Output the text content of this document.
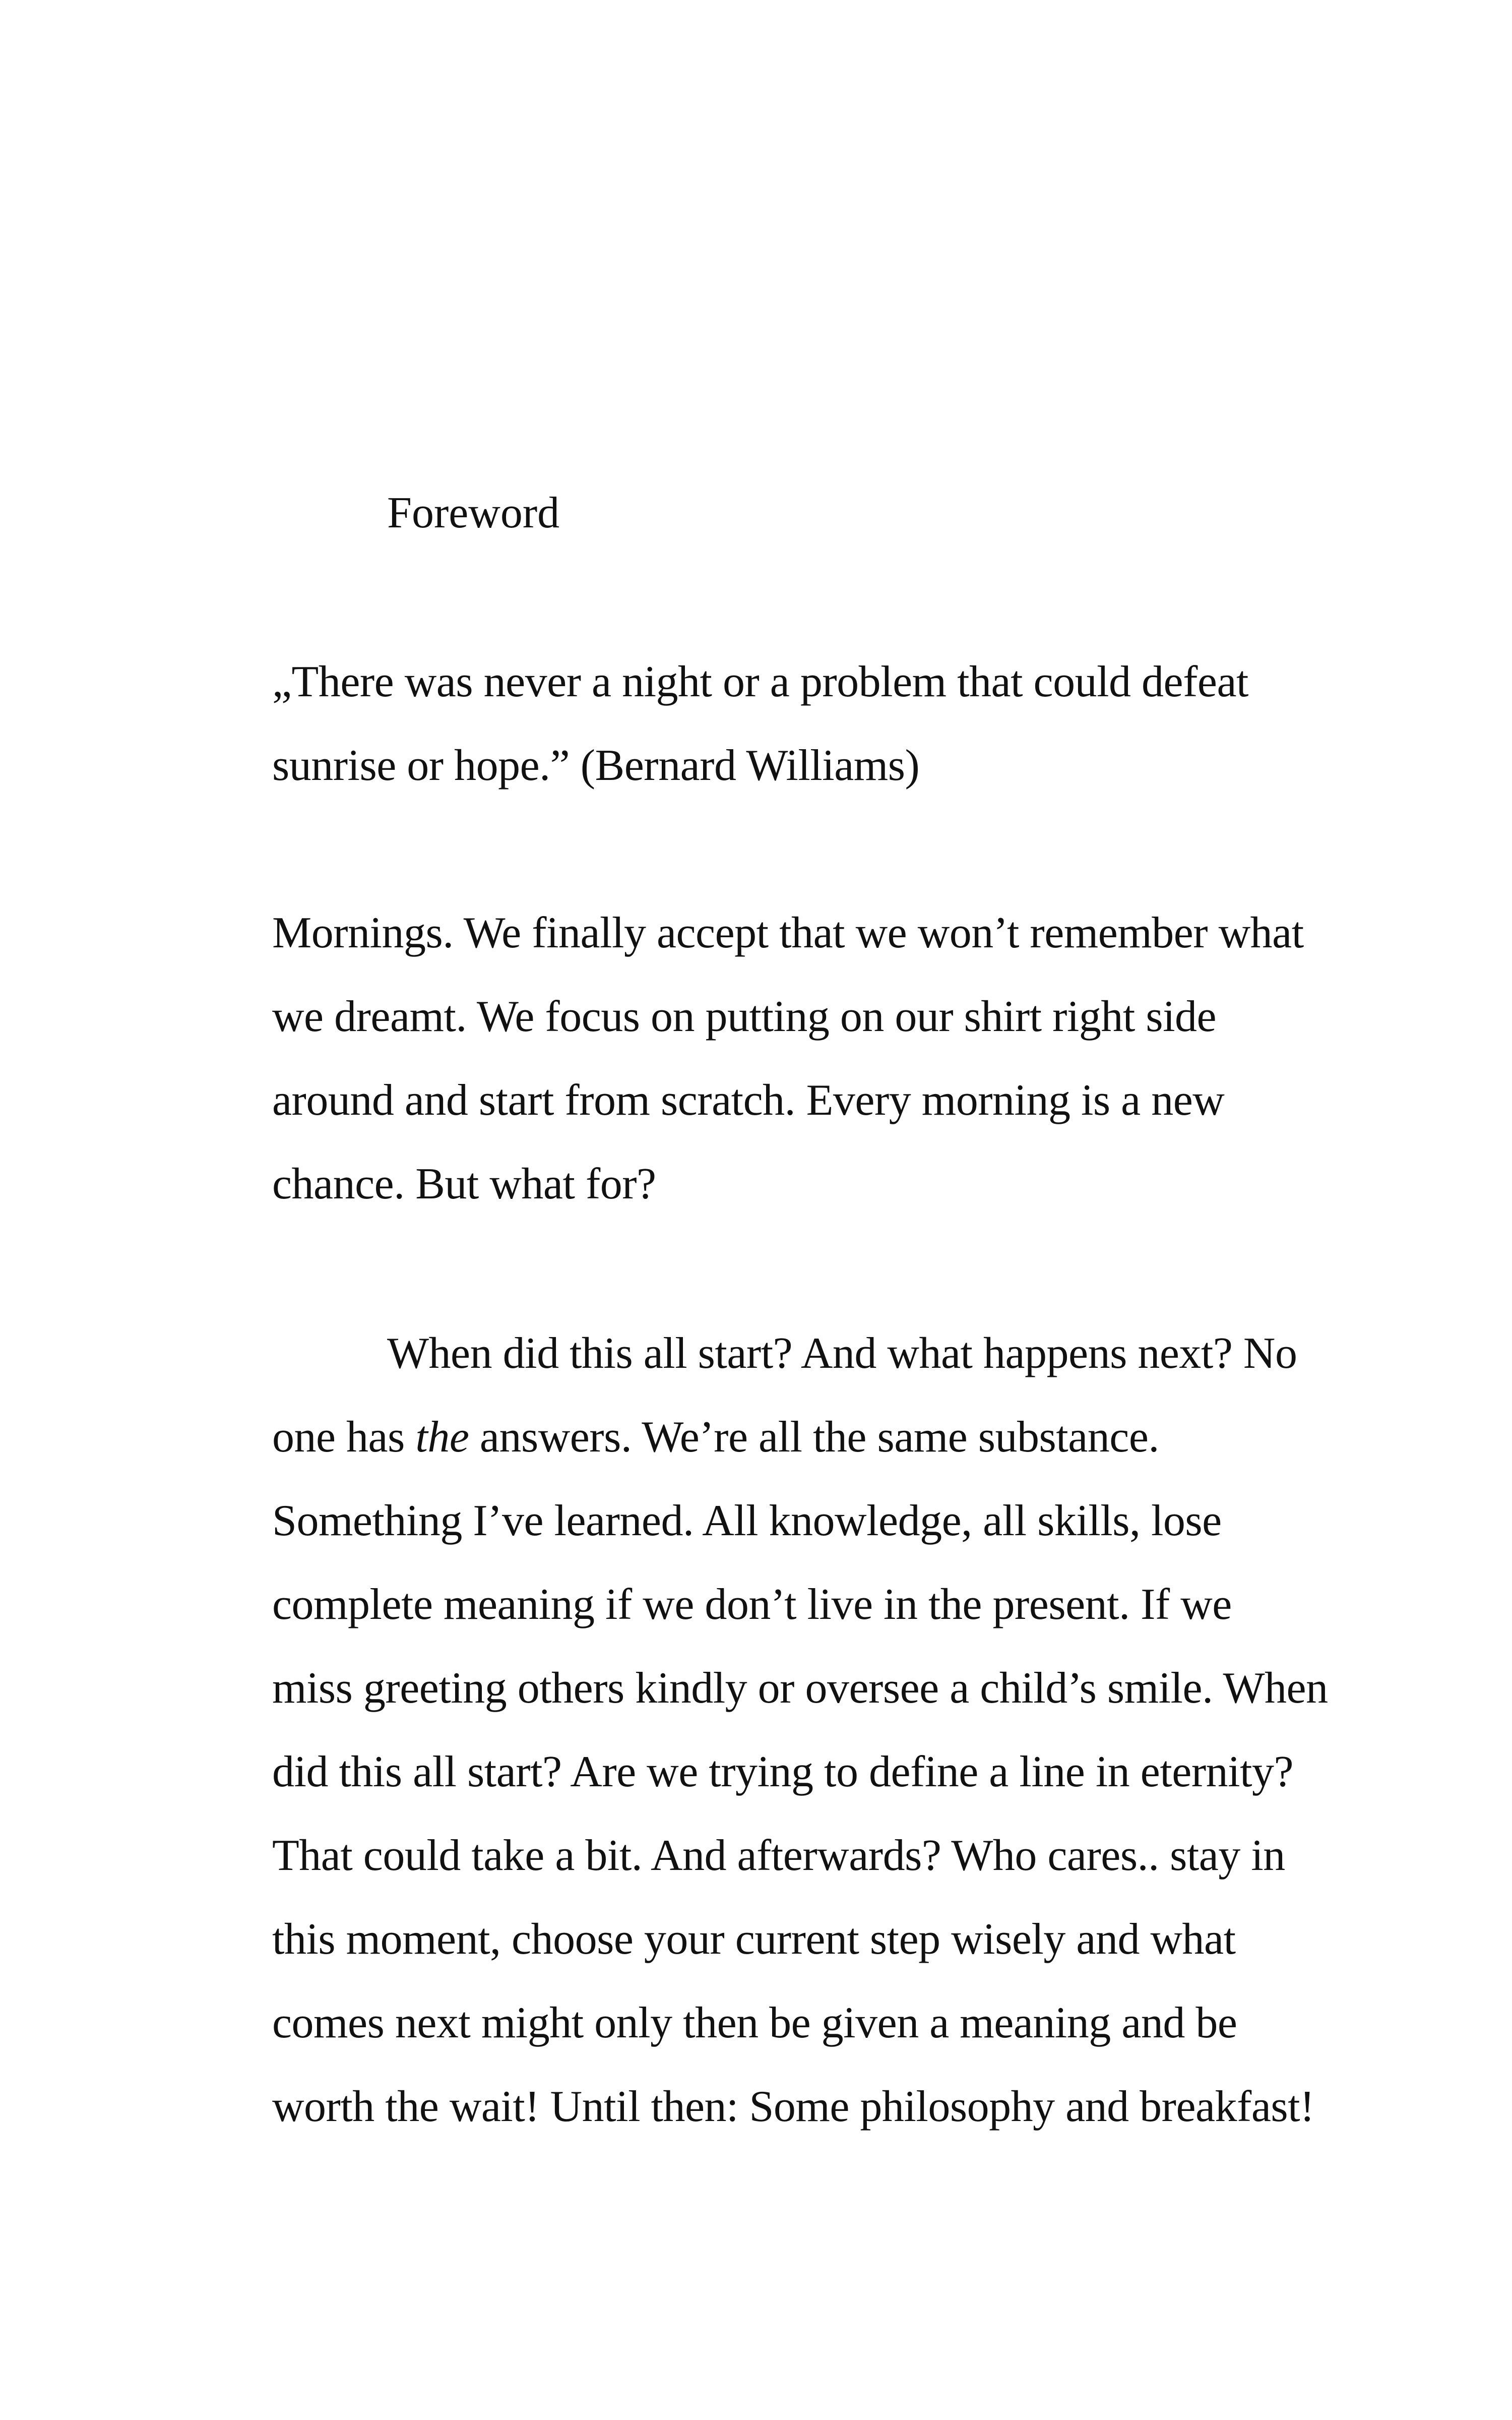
Foreword
„There was never a night or a problem that could defeat
sunrise or hope.” (Bernard Williams)
Mornings. We finally accept that we won’t remember what
we dreamt. We focus on putting on our shirt right side
around and start from scratch. Every morning is a new
chance. But what for?
When did this all start? And what happens next? No
one has the answers. We’re all the same substance.
Something I’ve learned. All knowledge, all skills, lose
complete meaning if we don’t live in the present. If we
miss greeting others kindly or oversee a child’s smile. When
did this all start? Are we trying to define a line in eternity?
That could take a bit. And afterwards? Who cares.. stay in
this moment, choose your current step wisely and what
comes next might only then be given a meaning and be
worth the wait! Until then: Some philosophy and breakfast!
